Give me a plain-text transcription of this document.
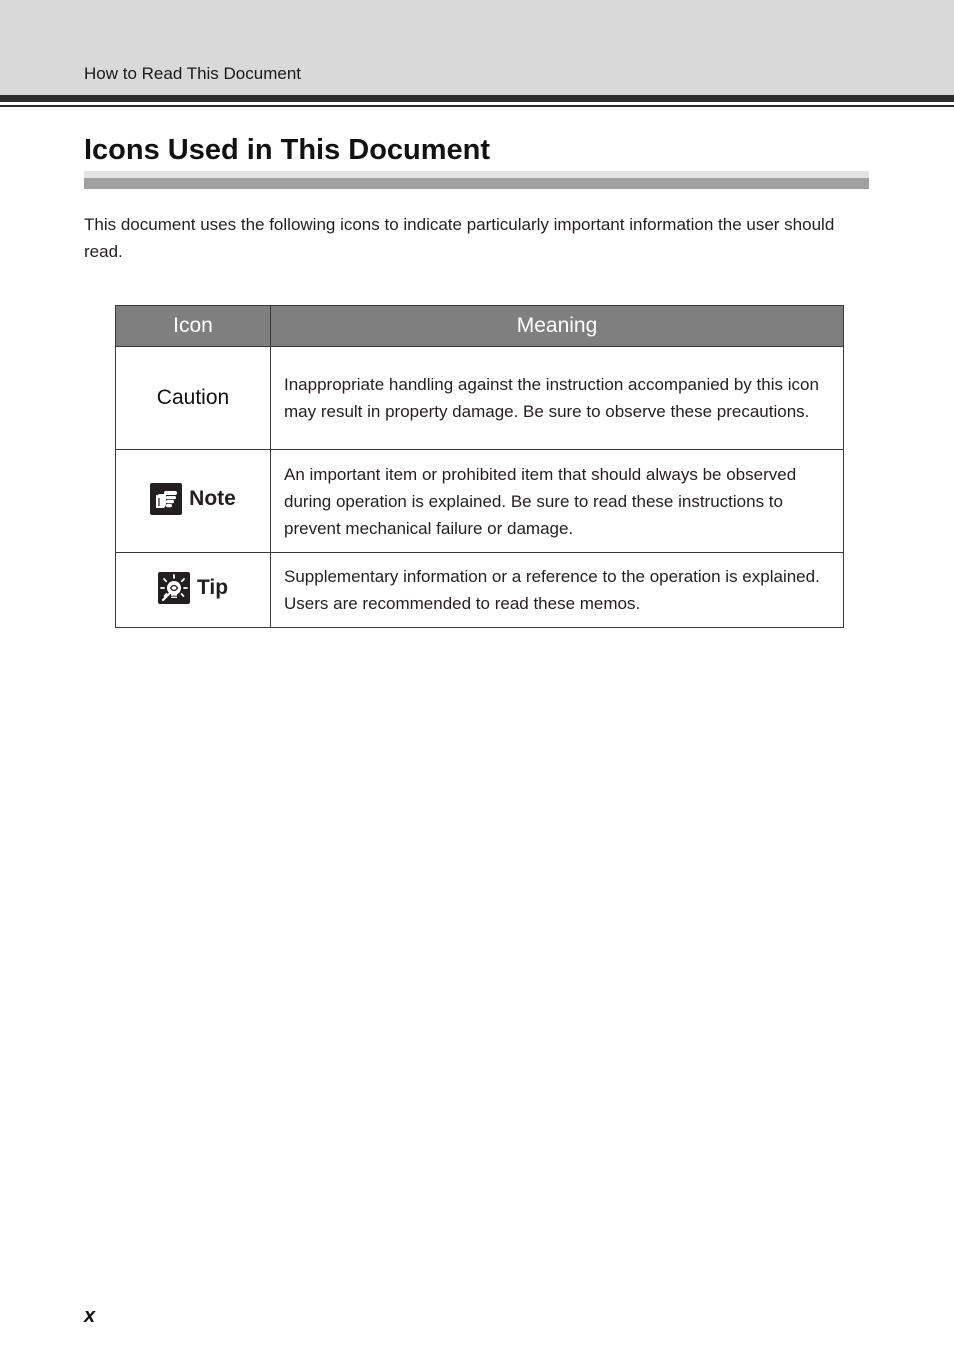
How to Read This Document
Icons Used in This Document

This document uses the following icons to indicate particularly important information the user should read.

Icon	Meaning
Caution	Inappropriate handling against the instruction accompanied by this icon may result in property damage. Be sure to observe these precautions.

Note	An important item or prohibited item that should always be observed during operation is explained. Be sure to read these instructions to prevent mechanical failure or damage.

Tip	Supplementary information or a reference to the operation is explained. Users are recommended to read these memos.
x
